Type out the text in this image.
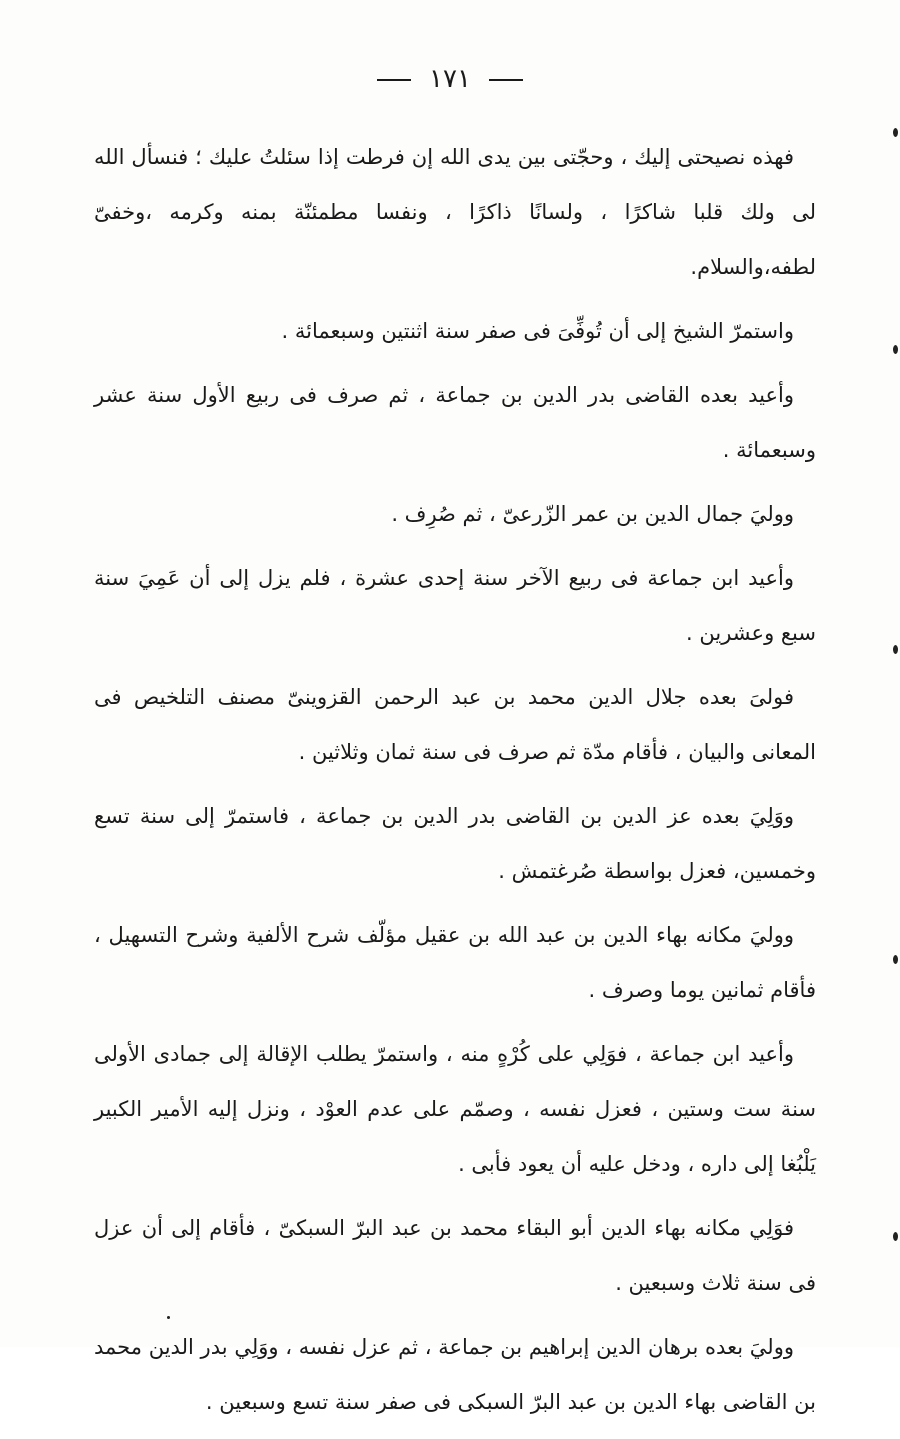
١٧١

فهذه نصيحتى إليك ، وحجّتى بين يدى الله إن فرطت إذا سئلتُ عليك ؛ فنسأل الله لى ولك قلبا شاكرًا ، ولسانًا ذاكرًا ، ونفسا مطمئنّة بمنه وكرمه ،وخفىّ لطفه،والسلام.

واستمرّ الشيخ إلى أن تُوفِّىَ فى صفر سنة اثنتين وسبعمائة .

وأعيد بعده القاضى بدر الدين بن جماعة ، ثم صرف فى ربيع الأول سنة عشر وسبعمائة .

ووليَ جمال الدين بن عمر الزّرعىّ ، ثم صُرِف .

وأعيد ابن جماعة فى ربيع الآخر سنة إحدى عشرة ، فلم يزل إلى أن عَمِيَ سنة سبع وعشرين .

فولىَ بعده جلال الدين محمد بن عبد الرحمن القزوينىّ مصنف التلخيص فى المعانى والبيان ، فأقام مدّة ثم صرف فى سنة ثمان وثلاثين .

ووَلِيَ بعده عز الدين بن القاضى بدر الدين بن جماعة ، فاستمرّ إلى سنة تسع وخمسين، فعزل بواسطة صُرغتمش .

ووليَ مكانه بهاء الدين بن عبد الله بن عقيل مؤلّف شرح الألفية وشرح التسهيل ، فأقام ثمانين يوما وصرف .

وأعيد ابن جماعة ، فوَلِي على كُرْهٍ منه ، واستمرّ يطلب الإقالة إلى جمادى الأولى سنة ست وستين ، فعزل نفسه ، وصمّم على عدم العوْد ، ونزل إليه الأمير الكبير يَلْبُغا إلى داره ، ودخل عليه أن يعود فأبى .

فوَلِي مكانه بهاء الدين أبو البقاء محمد بن عبد البرّ السبكىّ ، فأقام إلى أن عزل فى سنة ثلاث وسبعين .

ووليَ بعده برهان الدين إبراهيم بن جماعة ، ثم عزل نفسه ، ووَلِي بدر الدين محمد بن القاضى بهاء الدين بن عبد البرّ السبكى فى صفر سنة تسع وسبعين .
